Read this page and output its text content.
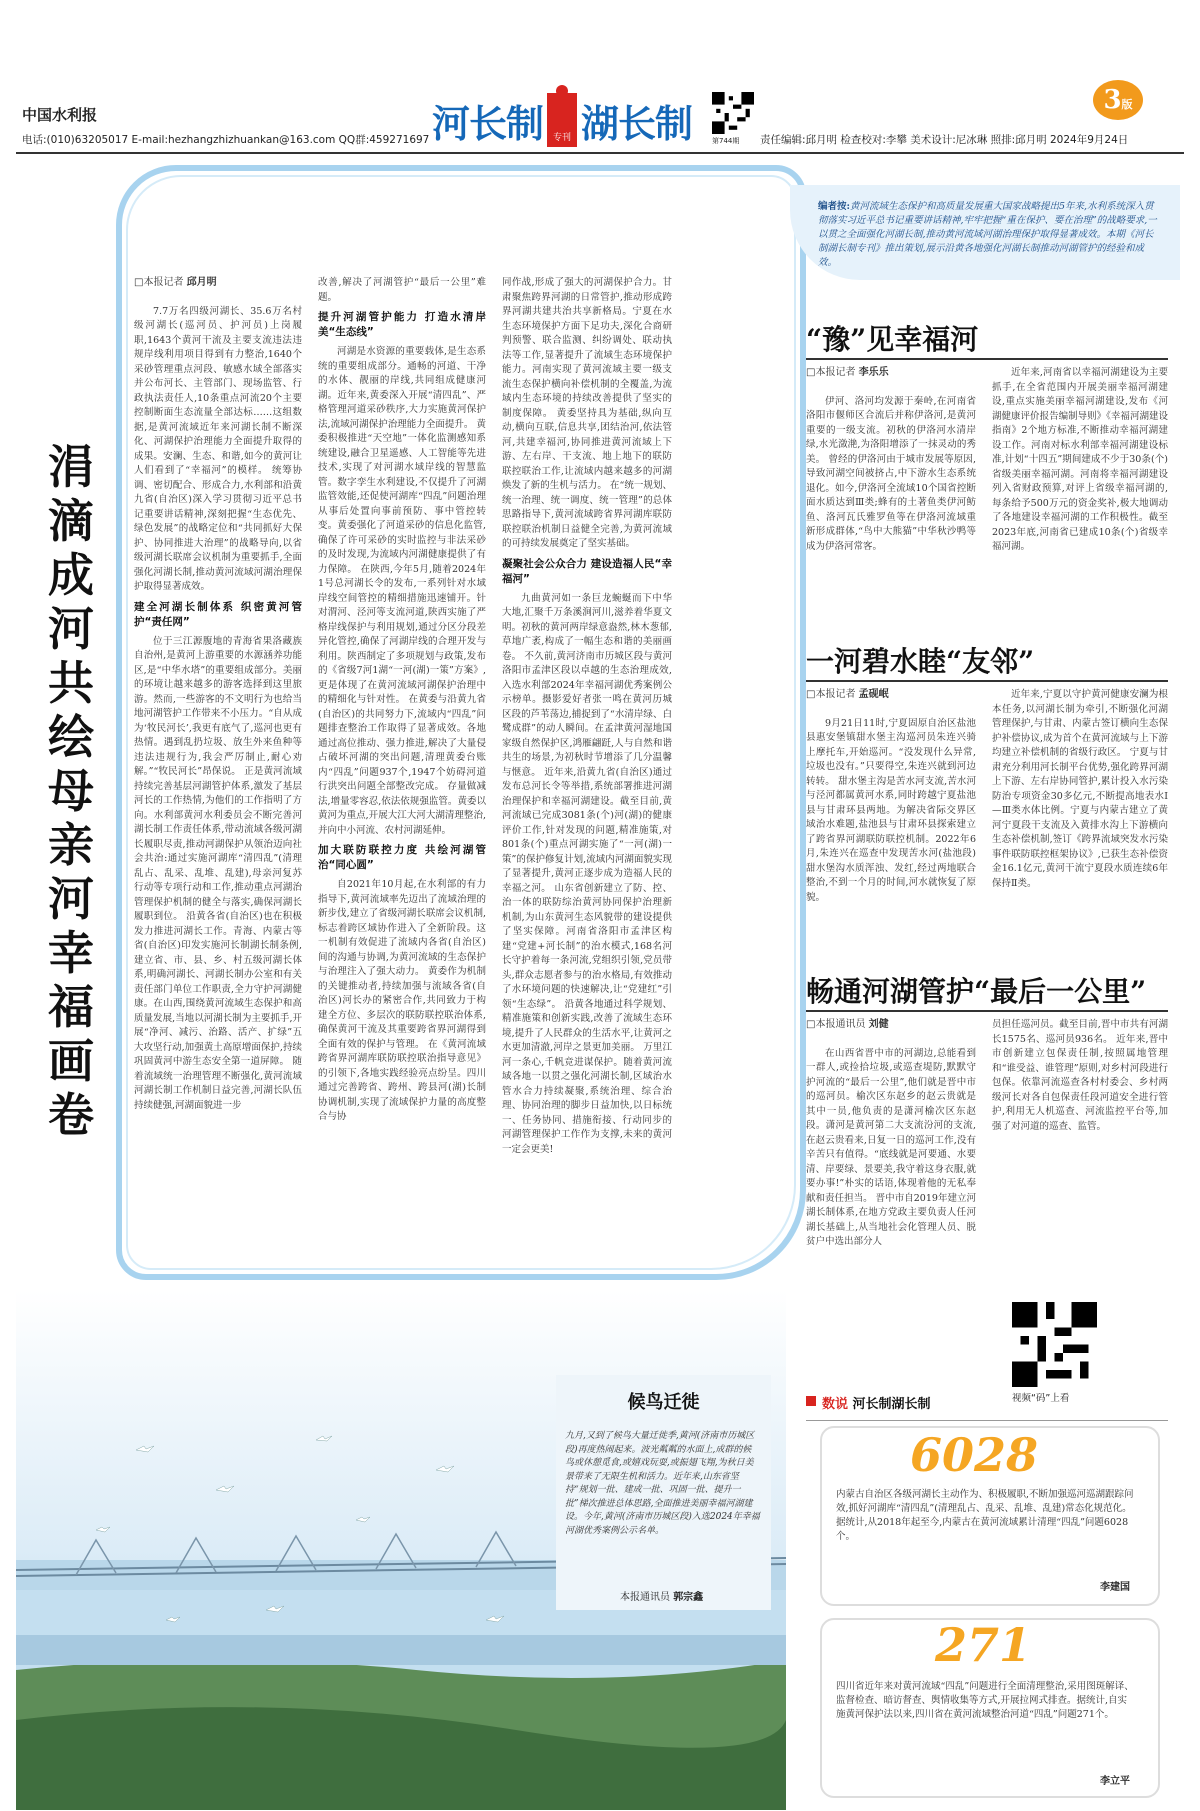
中国水利报
电话:(010)63205017 E-mail:hezhangzhizhuankan@163.com QQ群:459271697 河长制	专刊 湖长制	第744期 责任编辑:邱月明 检查校对:李攀 美术设计:尼冰琳 照排:邱月明 2024年9月24日
3版
涓滴成河 共绘母亲河幸福画卷
□本报记者 邱月明

7.7万名四级河湖长、35.6万名村级河湖长(巡河员、护河员)上岗履职,1643个黄河干流及主要支流违法违规岸线利用项目得到有力整治,1640个采砂管理重点河段、敏感水域全部落实并公布河长、主管部门、现场监管、行政执法责任人,10条重点河流20个主要控制断面生态流量全部达标……这组数据,是黄河流域近年来河湖长制不断深化、河湖保护治理能力全面提升取得的成果。安澜、生态、和谐,如今的黄河让人们看到了“幸福河”的模样。 统筹协调、密切配合、形成合力,水利部和沿黄九省(自治区)深入学习贯彻习近平总书记重要讲话精神,深刻把握“生态优先、绿色发展”的战略定位和“共同抓好大保护、协同推进大治理”的战略导向,以省级河湖长联席会议机制为重要抓手,全面强化河湖长制,推动黄河流域河湖治理保护取得显著成效。

建全河湖长制体系 织密黄河管护“责任网”

位于三江源腹地的青海省果洛藏族自治州,是黄河上游重要的水源涵养功能区,是“中华水塔”的重要组成部分。美丽的环境让越来越多的游客选择到这里旅游。然而,一些游客的不文明行为也给当地河湖管护工作带来不小压力。“自从成为‘牧民河长’,我更有底气了,巡河也更有热情。遇到乱扔垃圾、放生外来鱼种等违法违规行为,我会严厉制止,耐心劝解。”“牧民河长”昂保说。 正是黄河流域持续完善基层河湖管护体系,激发了基层河长的工作热情,为他们的工作指明了方向。水利部黄河水利委员会不断完善河湖长制工作责任体系,带动流域各级河湖长履职尽责,推动河湖保护从领治迈向社会共治:通过实施河湖库“清四乱”(清理乱占、乱采、乱堆、乱建),母亲河复苏行动等专项行动和工作,推动重点河湖治管理保护机制的健全与落实,确保河湖长履职到位。 沿黄各省(自治区)也在积极发力推进河湖长工作。青海、内蒙古等省(自治区)印发实施河长制湖长制条例,建立省、市、县、乡、村五级河湖长体系,明确河湖长、河湖长制办公室和有关责任部门单位工作职责,全力守护河湖健康。在山西,围绕黄河流域生态保护和高质量发展,当地以河湖长制为主要抓手,开展“净河、减污、治路、活产、扩绿”五大攻坚行动,加强黄土高原增面保护,持续巩固黄河中游生态安全第一道屏障。 随着流域统一治理管理不断强化,黄河流域河湖长制工作机制日益完善,河湖长队伍持续健强,河湖面貌进一步

改善,解决了河湖管护“最后一公里”难题。

提升河湖管护能力 打造水清岸美“生态线”

河湖是水资源的重要载体,是生态系统的重要组成部分。通畅的河道、干净的水体、靓丽的岸线,共同组成健康河湖。近年来,黄委深入开展“清四乱”、严格管理河道采砂秩序,大力实施黄河保护法,流域河湖保护治理能力全面提升。 黄委积极推进“天空地”一体化监测感知系统建设,融合卫星遥感、人工智能等先进技术,实现了对河湖水域岸线的智慧监管。数字孪生水利建设,不仅提升了河湖监管效能,还促使河湖库“四乱”问题治理从事后处置向事前预防、事中管控转变。黄委强化了河道采砂的信息化监管,确保了许可采砂的实时监控与非法采砂的及时发现,为流域内河湖健康提供了有力保障。 在陕西,今年5月,随着2024年1号总河湖长令的发布,一系列针对水域岸线空间管控的精细措施迅速铺开。针对渭河、泾河等支流河道,陕西实施了严格岸线保护与利用规划,通过分区分段差异化管控,确保了河湖岸线的合理开发与利用。陕西制定了多项规划与政策,发布的《省级7河1湖“一河(湖)一策”方案》,更是体现了在黄河流域河湖保护治理中的精细化与针对性。 在黄委与沿黄九省(自治区)的共同努力下,流域内“四乱”问题排查整治工作取得了显著成效。各地通过高位推动、强力推进,解决了大量侵占破坏河湖的突出问题,清理黄委台账内“四乱”问题937个,1947个妨碍河道行洪突出问题全部整改完成。 存量做减法,增量零容忍,依法依规强监管。黄委以黄河为重点,开展大江大河大湖清理整治,并向中小河流、农村河湖延伸。

加大联防联控力度 共绘河湖管治“同心圆”

自2021年10月起,在水利部的有力指导下,黄河流域率先迈出了流域治理的新步伐,建立了省级河湖长联席会议机制,标志着跨区域协作进入了全新阶段。这一机制有效促进了流域内各省(自治区)间的沟通与协调,为黄河流域的生态保护与治理注入了强大动力。 黄委作为机制的关键推动者,持续加强与流域各省(自治区)河长办的紧密合作,共同致力于构建全方位、多层次的联防联控联治体系,确保黄河干流及其重要跨省界河湖得到全面有效的保护与管理。 在《黄河流域跨省界河湖库联防联控联治指导意见》的引领下,各地实践经验亮点纷呈。四川通过完善跨省、跨州、跨县河(湖)长制协调机制,实现了流域保护力量的高度整合与协

同作战,形成了强大的河湖保护合力。甘肃聚焦跨界河湖的日常管护,推动形成跨界河湖共建共治共享新格局。宁夏在水生态环境保护方面下足功夫,深化合商研判预警、联合监测、纠纷调处、联动执法等工作,显著提升了流域生态环境保护能力。河南实现了黄河流域主要一级支流生态保护横向补偿机制的全覆盖,为流域内生态环境的持续改善提供了坚实的制度保障。 黄委坚持具为基础,纵向互动,横向互联,信息共享,团结治河,依法管河,共建幸福河,协同推进黄河流域上下游、左右岸、干支流、地上地下的联防联控联治工作,让流域内越来越多的河湖焕发了新的生机与活力。 在“统一规划、统一治理、统一调度、统一管理”的总体思路指导下,黄河流域跨省界河湖库联防联控联治机制日益健全完善,为黄河流域的可持续发展奠定了坚实基础。

凝聚社会公众合力 建设造福人民“幸福河”

九曲黄河如一条巨龙蜿蜒而下中华大地,汇聚千万条溪涧河川,滋养着华夏文明。初秋的黄河两岸绿意盎然,林木葱郁,草地广袤,构成了一幅生态和谐的美丽画卷。 不久前,黄河济南市历城区段与黄河洛阳市孟津区段以卓越的生态治理成效,入选水利部2024年幸福河湖优秀案例公示榜单。摄影爱好者张一鸣在黄河历城区段的芦苇荡边,捕捉到了“水清岸绿、白鹭成群”的动人瞬间。在孟津黄河湿地国家级自然保护区,鸿雁翩跹,人与自然和谐共生的场景,为初秋时节增添了几分温馨与惬意。 近年来,沿黄九省(自治区)通过发布总河长令等举措,系统部署推进河湖治理保护和幸福河湖建设。截至目前,黄河流域已完成3081条(个)河(湖)的健康评价工作,针对发现的问题,精准施策,对801条(个)重点河湖实施了“一河(湖)一策”的保护修复计划,流域内河湖面貌实现了显著提升,黄河正逐步成为造福人民的幸福之河。 山东省创新建立了防、控、治一体的联防综治黄河协同保护治理新机制,为山东黄河生态风貌带的建设提供了坚实保障。河南省洛阳市孟津区构建“党建+河长制”的治水模式,168名河长守护着每一条河流,党组织引领,党员带头,群众志愿者参与的治水格局,有效推动了水环境问题的快速解决,让“党建红”引领“生态绿”。 沿黄各地通过科学规划、精准施策和创新实践,改善了流域生态环境,提升了人民群众的生活水平,让黄河之水更加清澈,河岸之景更加美丽。 万里江河一条心,千帆竞进谋保护。随着黄河流域各地一以贯之强化河湖长制,区域治水管水合力持续凝聚,系统治理、综合治理、协同治理的脚步日益加快,以日标统一、任务协同、措施衔接、行动同步的河湖管理保护工作作为支撑,未来的黄河一定会更美!

编者按:黄河流域生态保护和高质量发展重大国家战略提出5年来,水利系统深入贯彻落实习近平总书记重要讲话精神,牢牢把握“重在保护、要在治理”的战略要求,一以贯之全面强化河湖长制,推动黄河流域河湖治理保护取得显著成效。本期《河长制湖长制专刊》推出策划,展示沿黄各地强化河湖长制推动河湖管护的经验和成效。
“豫”见幸福河
□本报记者 李乐乐

伊河、洛河均发源于秦岭,在河南省洛阳市偃师区合流后并称伊洛河,是黄河重要的一级支流。初秋的伊洛河水清岸绿,水光潋滟,为洛阳增添了一抹灵动的秀美。 曾经的伊洛河由于城市发展等原因,导致河湖空间被挤占,中下游水生态系统退化。如今,伊洛河全流域10个国省控断面水质达到Ⅲ类;蜂有的土著鱼类伊河鲂鱼、洛河瓦氏雅罗鱼等在伊洛河流域重新形成群体,“鸟中大熊猫”中华秋沙鸭等成为伊洛河常客。

近年来,河南省以幸福河湖建设为主要抓手,在全省范围内开展美丽幸福河湖建设,重点实施美丽幸福河湖建设,发布《河湖健康评价报告编制导则》《幸福河湖建设指南》2个地方标准,不断推动幸福河湖建设工作。河南对标水利部幸福河湖建设标准,计划“十四五”期间建成不少于30条(个)省级美丽幸福河湖。河南将幸福河湖建设列入省财政预算,对评上省级幸福河湖的,每条给予500万元的资金奖补,极大地调动了各地建设幸福河湖的工作积极性。截至2023年底,河南省已建成10条(个)省级幸福河湖。

一河碧水睦“友邻”
□本报记者 孟砚岷

9月21日11时,宁夏固原自治区盐池县惠安堡镇甜水堡主沟巡河员朱连兴骑上摩托车,开始巡河。“没发现什么异常,垃圾也没有。”只要得空,朱连兴就到河边转转。 甜水堡主沟是苦水河支流,苦水河与泾河都属黄河水系,同时跨越宁夏盐池县与甘肃环县两地。为解决省际交界区域治水难题,盐池县与甘肃环县探索建立了跨省界河湖联防联控机制。2022年6月,朱连兴在巡查中发现苦水河(盐池段)甜水堡沟水质浑浊、发红,经过两地联合整治,不到一个月的时间,河水就恢复了原貌。

近年来,宁夏以守护黄河健康安澜为根本任务,以河湖长制为牵引,不断强化河湖管理保护,与甘肃、内蒙古签订横向生态保护补偿协议,成为首个在黄河流域与上下游均建立补偿机制的省级行政区。 宁夏与甘肃充分利用河长制平台优势,强化跨界河湖上下游、左右岸协同管护,累计投入水污染防治专项资金30多亿元,不断提高地表水Ⅰ—Ⅲ类水体比例。宁夏与内蒙古建立了黄河宁夏段干支流及入黄排水沟上下游横向生态补偿机制,签订《跨界流域突发水污染事件联防联控框架协议》,已获生态补偿资金16.1亿元,黄河干流宁夏段水质连续6年保持Ⅱ类。

畅通河湖管护“最后一公里”
□本报通讯员 刘健

在山西省晋中市的河湖边,总能看到一群人,或捡拾垃圾,或巡查堤防,默默守护河流的“最后一公里”,他们就是晋中市的巡河员。榆次区东赵乡的赵云贵就是其中一员,他负责的是潇河榆次区东赵段。潇河是黄河第二大支流汾河的支流,在赵云贵看来,日复一日的巡河工作,没有辛苦只有值得。“底线就是河要通、水要清、岸要绿、景要美,我守着这身衣服,就要办事!”朴实的话语,体现着他的无私奉献和责任担当。 晋中市自2019年建立河湖长制体系,在地方党政主要负责人任河湖长基础上,从当地社会化管理人员、脱贫户中选出部分人

员担任巡河员。截至目前,晋中市共有河湖长1575名、巡河员936名。 近年来,晋中市创新建立包保责任制,按照属地管理和“谁受益、谁管理”原则,对乡村河段进行包保。依靠河流巡查各村村委会、乡村两级河长对各自包保责任段河道安全进行管护,利用无人机巡查、河流监控平台等,加强了对河道的巡查、监管。

视频“码”上看
数说 河长制湖长制
6028
内蒙古自治区各级河湖长主动作为、积极履职,不断加强巡河巡湖跟踪问效,抓好河湖库“清四乱”(清理乱占、乱采、乱堆、乱建)常态化规范化。据统计,从2018年起至今,内蒙古在黄河流域累计清理“四乱”问题6028个。
李建国
271
四川省近年来对黄河流域“四乱”问题进行全面清理整治,采用图斑解译、监督检查、暗访督查、舆情收集等方式,开展拉网式排查。据统计,自实施黄河保护法以来,四川省在黄河流域整治河道“四乱”问题271个。
李立平
候鸟迁徙
九月,又到了候鸟大量迁徙季,黄河(济南市历城区段)再度热闹起来。波光粼粼的水面上,成群的候鸟或休憩觅食,或嬉戏玩耍,或振翅飞翔,为秋日美景带来了无限生机和活力。近年来,山东省坚持“规划一批、建成一批、巩固一批、提升一批”梯次推进总体思路,全面推进美丽幸福河湖建设。今年,黄河(济南市历城区段)入选2024年幸福河湖优秀案例公示名单。
本报通讯员 郭宗鑫
